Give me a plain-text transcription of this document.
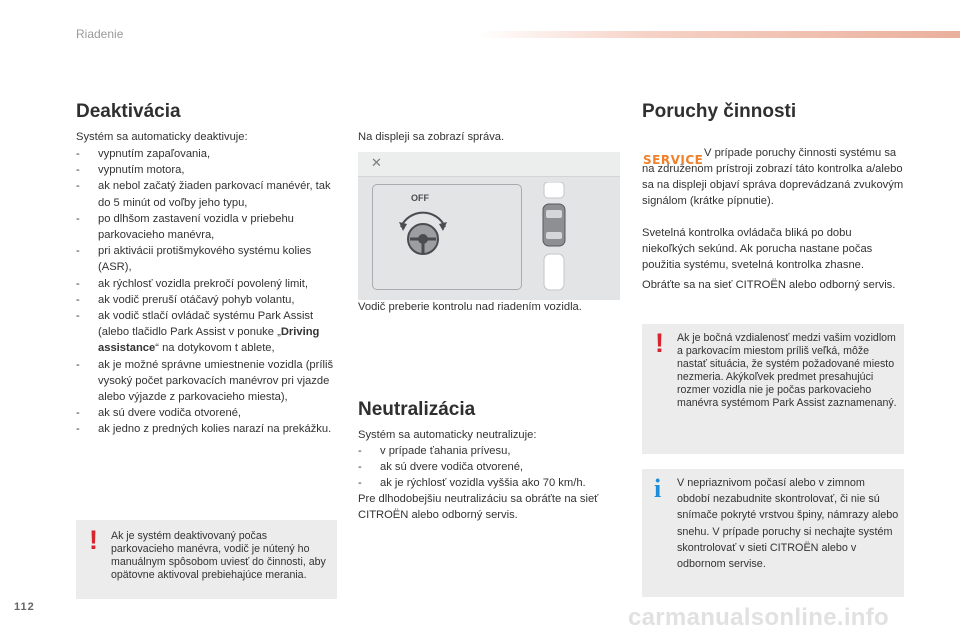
Riadenie
Deaktivácia

Systém sa automaticky deaktivuje:

- vypnutím zapaľovania,
- vypnutím motora,
- ak nebol začatý žiaden parkovací manévér, tak do 5 minút od voľby jeho typu,
- po dlhšom zastavení vozidla v priebehu parkovacieho manévra,
- pri aktivácii protišmykového systému kolies (ASR),
- ak rýchlosť vozidla prekročí povolený limit,
- ak vodič preruší otáčavý pohyb volantu,
- ak vodič stlačí ovládač systému Park Assist (alebo tlačidlo Park Assist v ponuke „Driving assistance“ na dotykovom t ablete,
- ak je možné správne umiestnenie vozidla (príliš vysoký počet parkovacích manévrov pri vjazde alebo výjazde z parkovacieho miesta),
- ak sú dvere vodiča otvorené,
- ak jedno z predných kolies narazí na prekážku.
! Ak je systém deaktivovaný počas parkovacieho manévra, vodič je nútený ho manuálnym spôsobom uviesť do činnosti, aby opätovne aktivoval prebiehajúce merania.

Na displeji sa zobrazí správa.

✕
OFF

Vodič preberie kontrolu nad riadením vozidla.

Neutralizácia

Systém sa automaticky neutralizuje:

- v prípade ťahania prívesu,
- ak sú dvere vodiča otvorené,
- ak je rýchlosť vozidla vyššia ako 70 km/h.

Pre dlhodobejšiu neutralizáciu sa obráťte na sieť CITROËN alebo odborný servis.

Poruchy činnosti
SERVICE V prípade poruchy činnosti systému sa na združenom prístroji zobrazí táto kontrolka a/alebo sa na displeji objaví správa doprevádzaná zvukovým signálom (krátke pípnutie).

Svetelná kontrolka ovládača bliká po dobu niekoľkých sekúnd. Ak porucha nastane počas použitia systému, svetelná kontrolka zhasne.

Obráťte sa na sieť CITROËN alebo odborný servis.

! Ak je bočná vzdialenosť medzi vašim vozidlom a parkovacím miestom príliš veľká, môže nastať situácia, že systém požadované miesto nezmeria. Akýkoľvek predmet presahujúci rozmer vozidla nie je počas parkovacieho manévra systémom Park Assist zaznamenaný.

i V nepriaznivom počasí alebo v zimnom období nezabudnite skontrolovať, či nie sú snímače pokryté vrstvou špiny, námrazy alebo snehu. V prípade poruchy si nechajte systém skontrolovať v sieti CITROËN alebo v odbornom servise.

112	carmanualsonline.info
